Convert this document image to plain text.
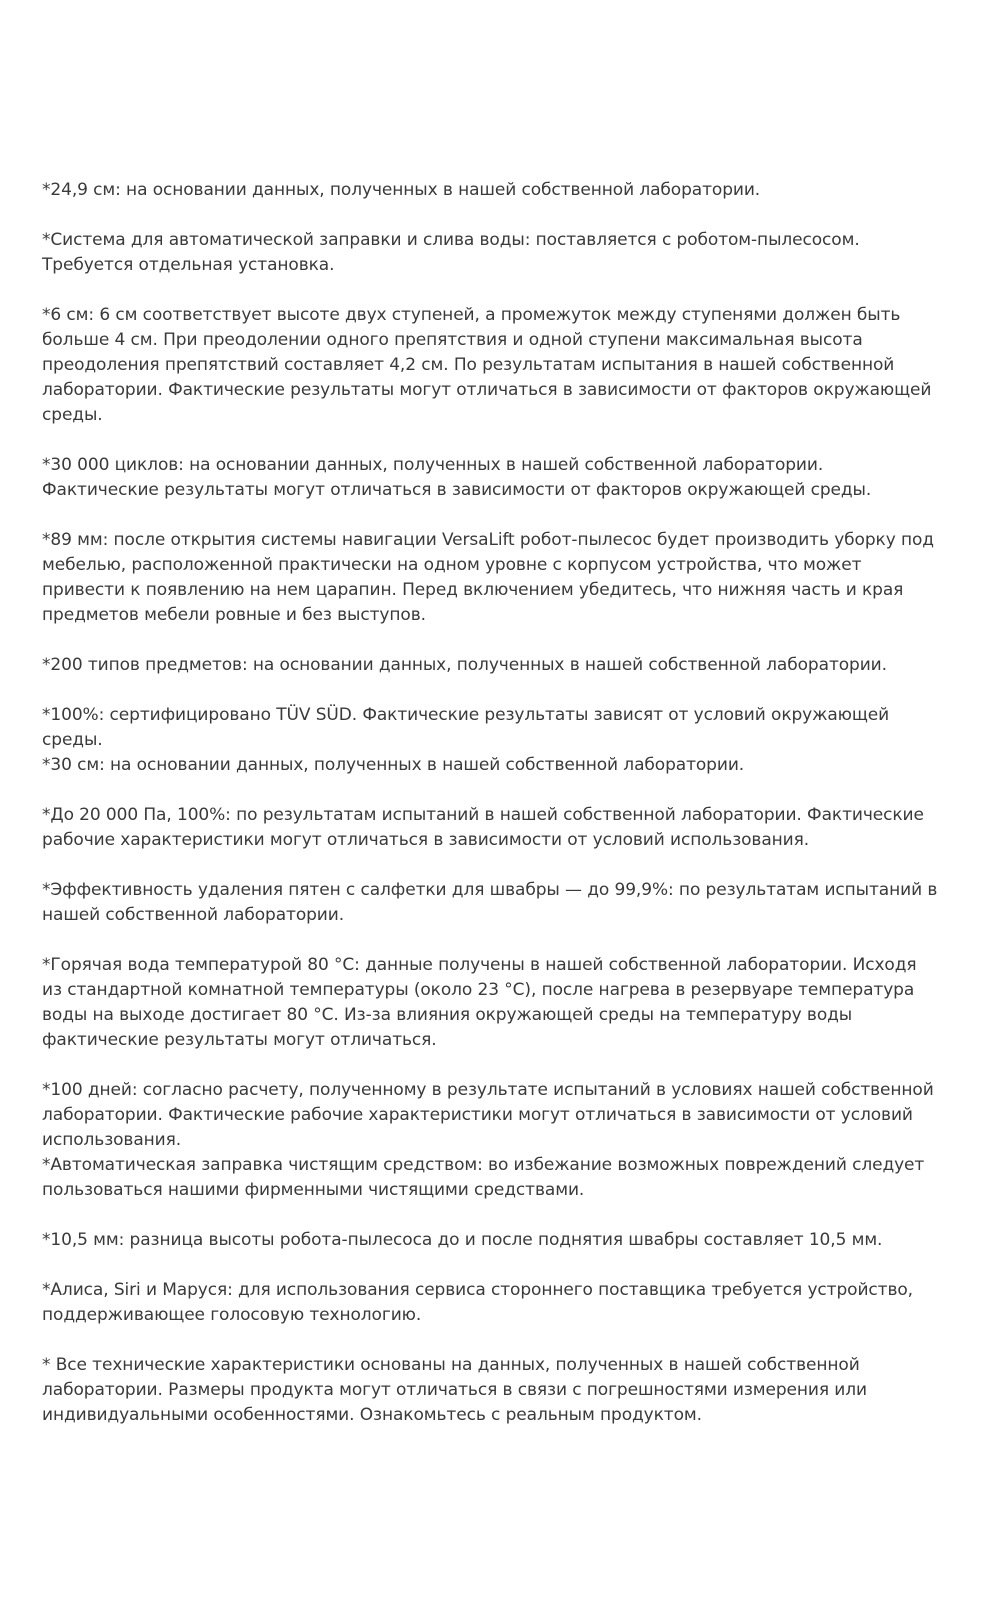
*24,9 см: на основании данных, полученных в нашей собственной лаборатории.

*Система для автоматической заправки и слива воды: поставляется с роботом-пылесосом.
Требуется отдельная установка.

*6 см: 6 см соответствует высоте двух ступеней, а промежуток между ступенями должен быть
больше 4 см. При преодолении одного препятствия и одной ступени максимальная высота
преодоления препятствий составляет 4,2 см. По результатам испытания в нашей собственной
лаборатории. Фактические результаты могут отличаться в зависимости от факторов окружающей
среды.

*30 000 циклов: на основании данных, полученных в нашей собственной лаборатории.
Фактические результаты могут отличаться в зависимости от факторов окружающей среды.

*89 мм: после открытия системы навигации VersaLift робот-пылесос будет производить уборку под
мебелью, расположенной практически на одном уровне с корпусом устройства, что может
привести к появлению на нем царапин. Перед включением убедитесь, что нижняя часть и края
предметов мебели ровные и без выступов.

*200 типов предметов: на основании данных, полученных в нашей собственной лаборатории.

*100%: сертифицировано TÜV SÜD. Фактические результаты зависят от условий окружающей
среды.

*30 см: на основании данных, полученных в нашей собственной лаборатории.

*До 20 000 Па, 100%: по результатам испытаний в нашей собственной лаборатории. Фактические
рабочие характеристики могут отличаться в зависимости от условий использования.

*Эффективность удаления пятен с салфетки для швабры — до 99,9%: по результатам испытаний в
нашей собственной лаборатории.

*Горячая вода температурой 80 °C: данные получены в нашей собственной лаборатории. Исходя
из стандартной комнатной температуры (около 23 °C), после нагрева в резервуаре температура
воды на выходе достигает 80 °C. Из-за влияния окружающей среды на температуру воды
фактические результаты могут отличаться.

*100 дней: согласно расчету, полученному в результате испытаний в условиях нашей собственной
лаборатории. Фактические рабочие характеристики могут отличаться в зависимости от условий
использования.

*Автоматическая заправка чистящим средством: во избежание возможных повреждений следует
пользоваться нашими фирменными чистящими средствами.

*10,5 мм: разница высоты робота-пылесоса до и после поднятия швабры составляет 10,5 мм.

*Алиса, Siri и Маруся: для использования сервиса стороннего поставщика требуется устройство,
поддерживающее голосовую технологию.

* Все технические характеристики основаны на данных, полученных в нашей собственной
лаборатории. Размеры продукта могут отличаться в связи с погрешностями измерения или
индивидуальными особенностями. Ознакомьтесь с реальным продуктом.
